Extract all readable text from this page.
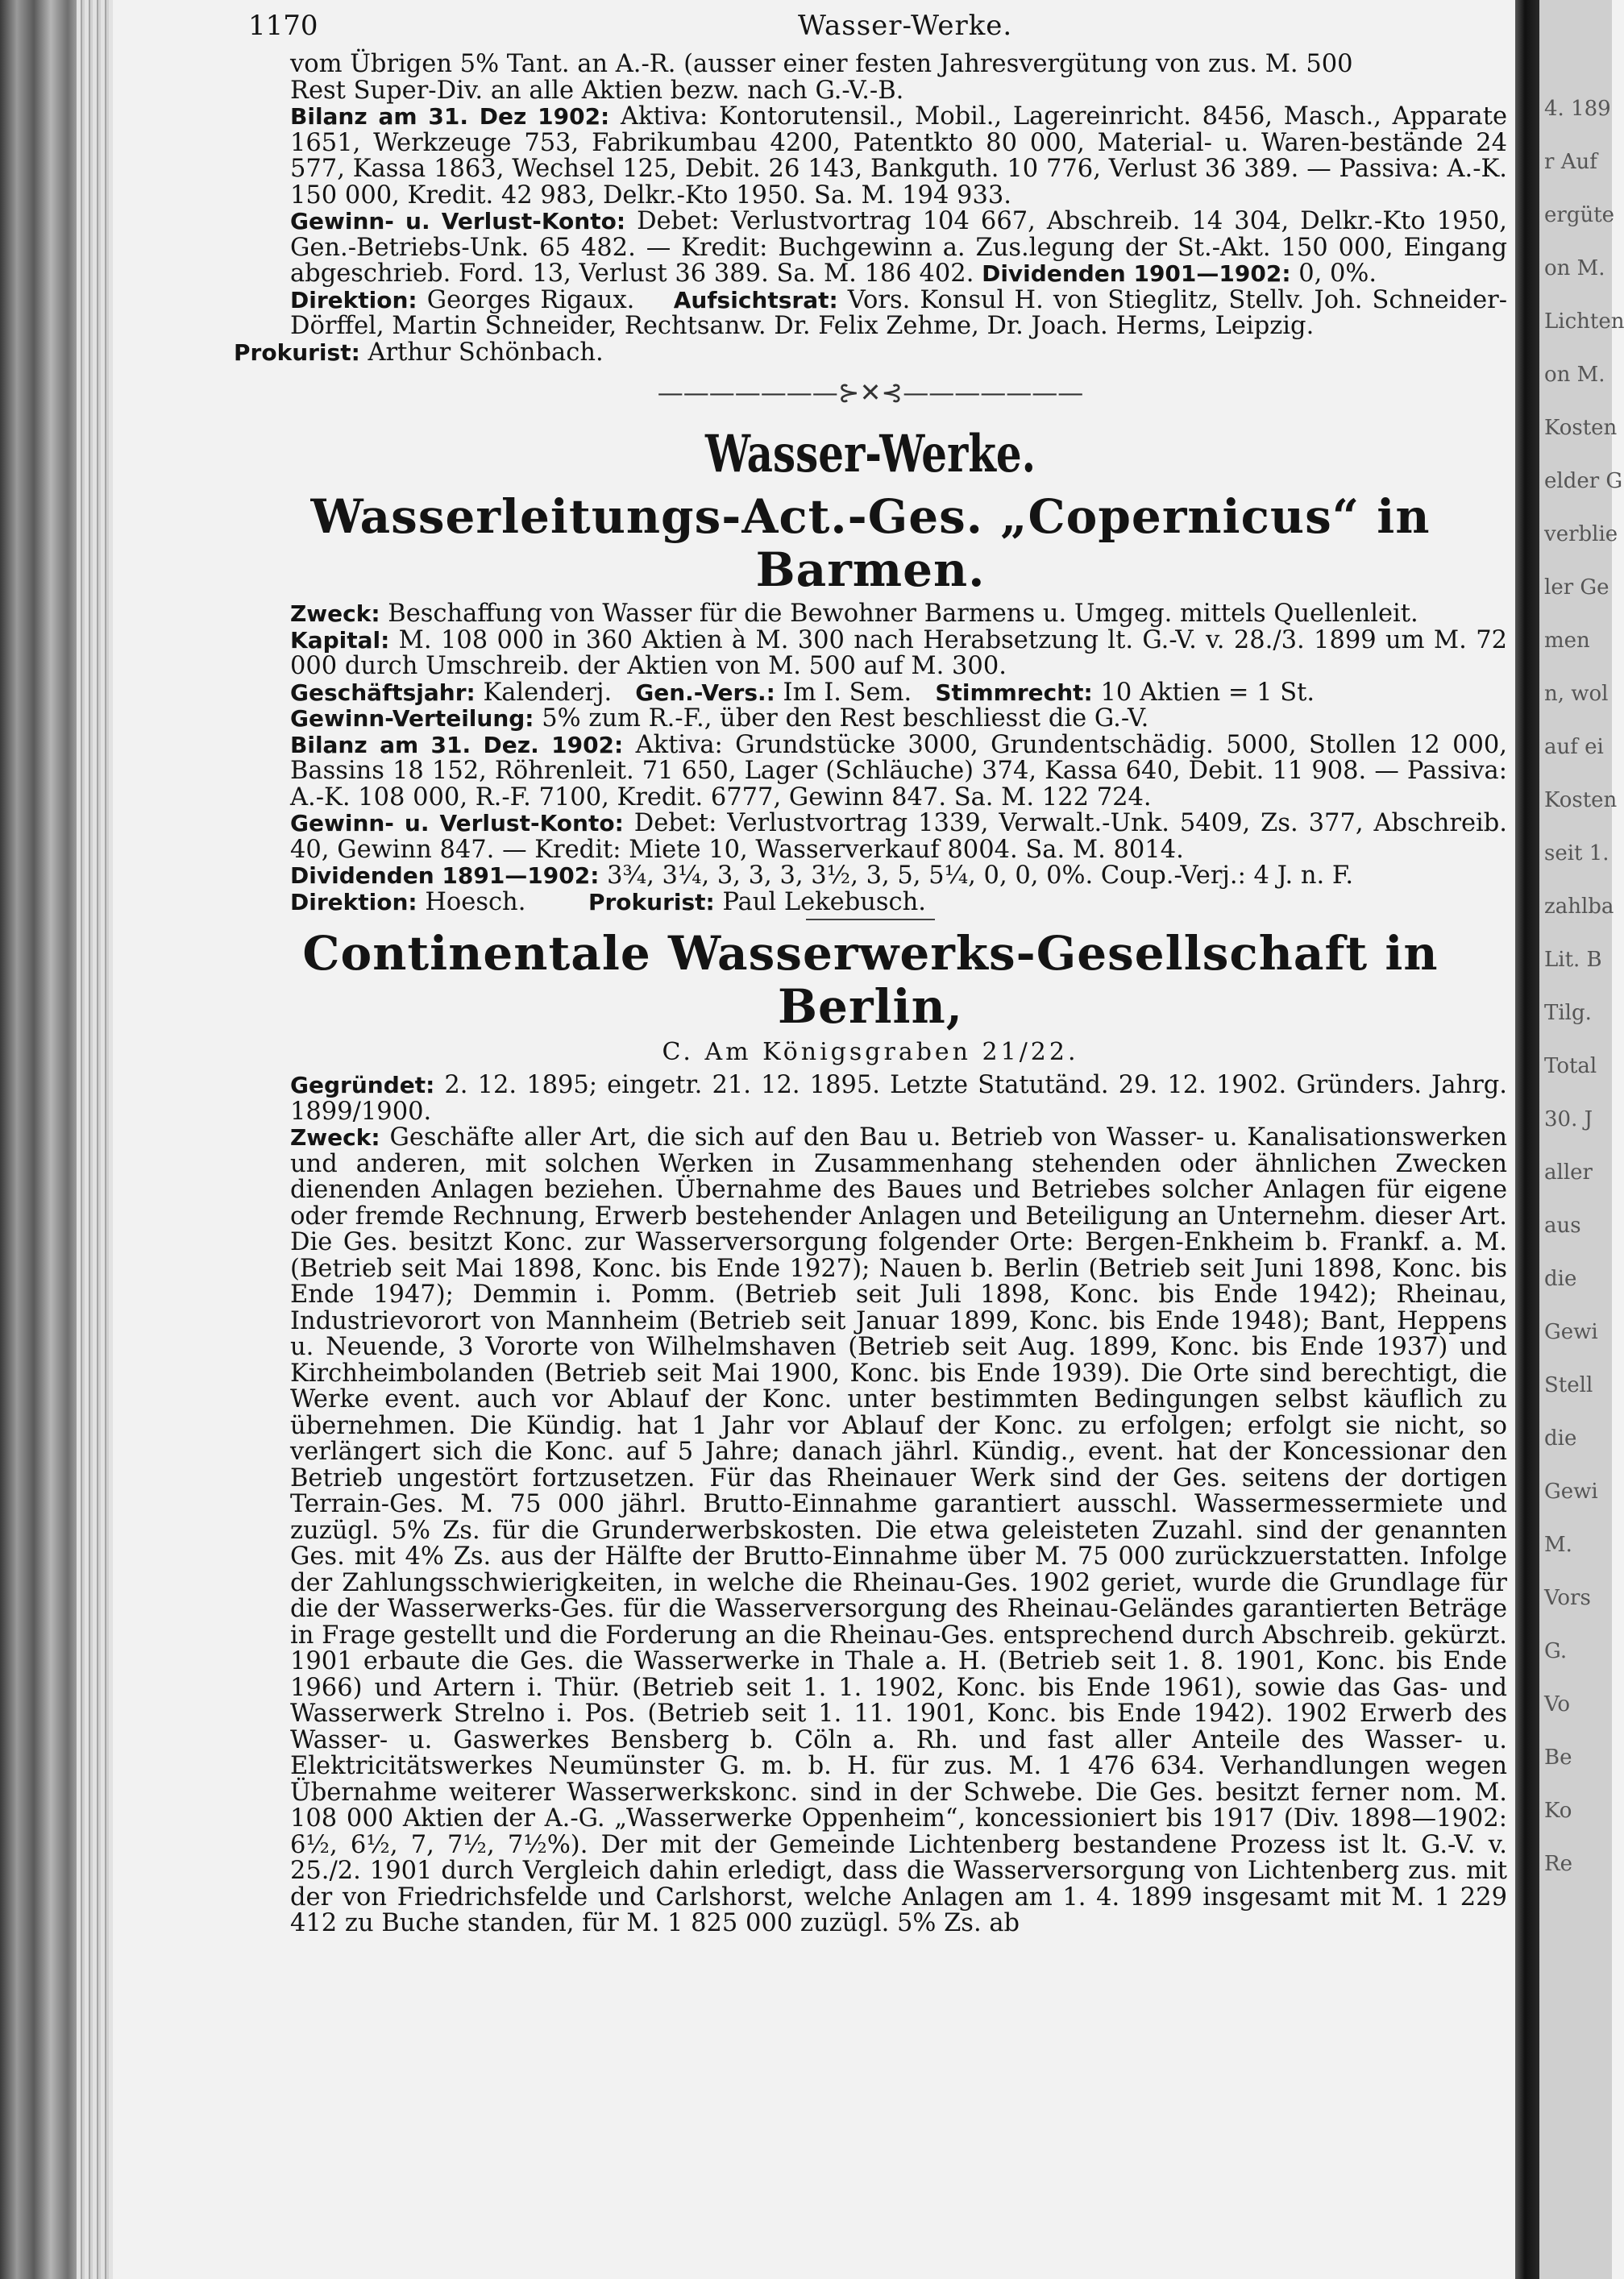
4. 189
r Auf
ergüte
on M.
Lichten
on M.
Kosten
elder G
verblie
ler Ge
men
n, wol
auf ei
Kosten
seit 1.
zahlba
Lit. B
Tilg.
Total
30. J
aller
aus
die
Gewi
Stell
die
Gewi
M.
Vors
G.
Vo
Be
Ko
Re
1170	Wasser-Werke.

vom Übrigen 5% Tant. an A.-R. (ausser einer festen Jahresvergütung von zus. M. 500

Rest Super-Div. an alle Aktien bezw. nach G.-V.-B.

Bilanz am 31. Dez 1902: Aktiva: Kontorutensil., Mobil., Lagereinricht. 8456, Masch., Apparate 1651, Werkzeuge 753, Fabrikumbau 4200, Patentkto 80 000, Material- u. Waren-bestände 24 577, Kassa 1863, Wechsel 125, Debit. 26 143, Bankguth. 10 776, Verlust 36 389. — Passiva: A.-K. 150 000, Kredit. 42 983, Delkr.-Kto 1950. Sa. M. 194 933.

Gewinn- u. Verlust-Konto: Debet: Verlustvortrag 104 667, Abschreib. 14 304, Delkr.-Kto 1950, Gen.-Betriebs-Unk. 65 482. — Kredit: Buchgewinn a. Zus.legung der St.-Akt. 150 000, Eingang abgeschrieb. Ford. 13, Verlust 36 389. Sa. M. 186 402. Dividenden 1901—1902: 0, 0%.

Direktion: Georges Rigaux. Aufsichtsrat: Vors. Konsul H. von Stieglitz, Stellv. Joh. Schneider-Dörffel, Martin Schneider, Rechtsanw. Dr. Felix Zehme, Dr. Joach. Herms, Leipzig.

Prokurist: Arthur Schönbach.

———————⊱✕⊰———————
Wasser-Werke.
Wasserleitungs-Act.-Ges. „Copernicus“ in Barmen.

Zweck: Beschaffung von Wasser für die Bewohner Barmens u. Umgeg. mittels Quellenleit.

Kapital: M. 108 000 in 360 Aktien à M. 300 nach Herabsetzung lt. G.-V. v. 28./3. 1899 um M. 72 000 durch Umschreib. der Aktien von M. 500 auf M. 300.

Geschäftsjahr: Kalenderj. Gen.-Vers.: Im I. Sem. Stimmrecht: 10 Aktien = 1 St.

Gewinn-Verteilung: 5% zum R.-F., über den Rest beschliesst die G.-V.

Bilanz am 31. Dez. 1902: Aktiva: Grundstücke 3000, Grundentschädig. 5000, Stollen 12 000, Bassins 18 152, Röhrenleit. 71 650, Lager (Schläuche) 374, Kassa 640, Debit. 11 908. — Passiva: A.-K. 108 000, R.-F. 7100, Kredit. 6777, Gewinn 847. Sa. M. 122 724.

Gewinn- u. Verlust-Konto: Debet: Verlustvortrag 1339, Verwalt.-Unk. 5409, Zs. 377, Abschreib. 40, Gewinn 847. — Kredit: Miete 10, Wasserverkauf 8004. Sa. M. 8014.

Dividenden 1891—1902: 3¾, 3¼, 3, 3, 3, 3½, 3, 5, 5¼, 0, 0, 0%. Coup.-Verj.: 4 J. n. F.

Direktion: Hoesch.	Prokurist: Paul Lekebusch.

Continentale Wasserwerks-Gesellschaft in Berlin,
C. Am Königsgraben 21/22.

Gegründet: 2. 12. 1895; eingetr. 21. 12. 1895. Letzte Statutänd. 29. 12. 1902. Gründers. Jahrg. 1899/1900.

Zweck: Geschäfte aller Art, die sich auf den Bau u. Betrieb von Wasser- u. Kanalisationswerken und anderen, mit solchen Werken in Zusammenhang stehenden oder ähnlichen Zwecken dienenden Anlagen beziehen. Übernahme des Baues und Betriebes solcher Anlagen für eigene oder fremde Rechnung, Erwerb bestehender Anlagen und Beteiligung an Unternehm. dieser Art. Die Ges. besitzt Konc. zur Wasserversorgung folgender Orte: Bergen-Enkheim b. Frankf. a. M. (Betrieb seit Mai 1898, Konc. bis Ende 1927); Nauen b. Berlin (Betrieb seit Juni 1898, Konc. bis Ende 1947); Demmin i. Pomm. (Betrieb seit Juli 1898, Konc. bis Ende 1942); Rheinau, Industrievorort von Mannheim (Betrieb seit Januar 1899, Konc. bis Ende 1948); Bant, Heppens u. Neuende, 3 Vororte von Wilhelmshaven (Betrieb seit Aug. 1899, Konc. bis Ende 1937) und Kirchheimbolanden (Betrieb seit Mai 1900, Konc. bis Ende 1939). Die Orte sind berechtigt, die Werke event. auch vor Ablauf der Konc. unter bestimmten Bedingungen selbst käuflich zu übernehmen. Die Kündig. hat 1 Jahr vor Ablauf der Konc. zu erfolgen; erfolgt sie nicht, so verlängert sich die Konc. auf 5 Jahre; danach jährl. Kündig., event. hat der Koncessionar den Betrieb ungestört fortzusetzen. Für das Rheinauer Werk sind der Ges. seitens der dortigen Terrain-Ges. M. 75 000 jährl. Brutto-Einnahme garantiert ausschl. Wassermessermiete und zuzügl. 5% Zs. für die Grunderwerbskosten. Die etwa geleisteten Zuzahl. sind der genannten Ges. mit 4% Zs. aus der Hälfte der Brutto-Einnahme über M. 75 000 zurückzuerstatten. Infolge der Zahlungsschwierigkeiten, in welche die Rheinau-Ges. 1902 geriet, wurde die Grundlage für die der Wasserwerks-Ges. für die Wasserversorgung des Rheinau-Geländes garantierten Beträge in Frage gestellt und die Forderung an die Rheinau-Ges. entsprechend durch Abschreib. gekürzt. 1901 erbaute die Ges. die Wasserwerke in Thale a. H. (Betrieb seit 1. 8. 1901, Konc. bis Ende 1966) und Artern i. Thür. (Betrieb seit 1. 1. 1902, Konc. bis Ende 1961), sowie das Gas- und Wasserwerk Strelno i. Pos. (Betrieb seit 1. 11. 1901, Konc. bis Ende 1942). 1902 Erwerb des Wasser- u. Gaswerkes Bensberg b. Cöln a. Rh. und fast aller Anteile des Wasser- u. Elektricitätswerkes Neumünster G. m. b. H. für zus. M. 1 476 634. Verhandlungen wegen Übernahme weiterer Wasserwerkskonc. sind in der Schwebe. Die Ges. besitzt ferner nom. M. 108 000 Aktien der A.-G. „Wasserwerke Oppenheim“, koncessioniert bis 1917 (Div. 1898—1902: 6½, 6½, 7, 7½, 7½%). Der mit der Gemeinde Lichtenberg bestandene Prozess ist lt. G.-V. v. 25./2. 1901 durch Vergleich dahin erledigt, dass die Wasserversorgung von Lichtenberg zus. mit der von Friedrichsfelde und Carlshorst, welche Anlagen am 1. 4. 1899 insgesamt mit M. 1 229 412 zu Buche standen, für M. 1 825 000 zuzügl. 5% Zs. ab
